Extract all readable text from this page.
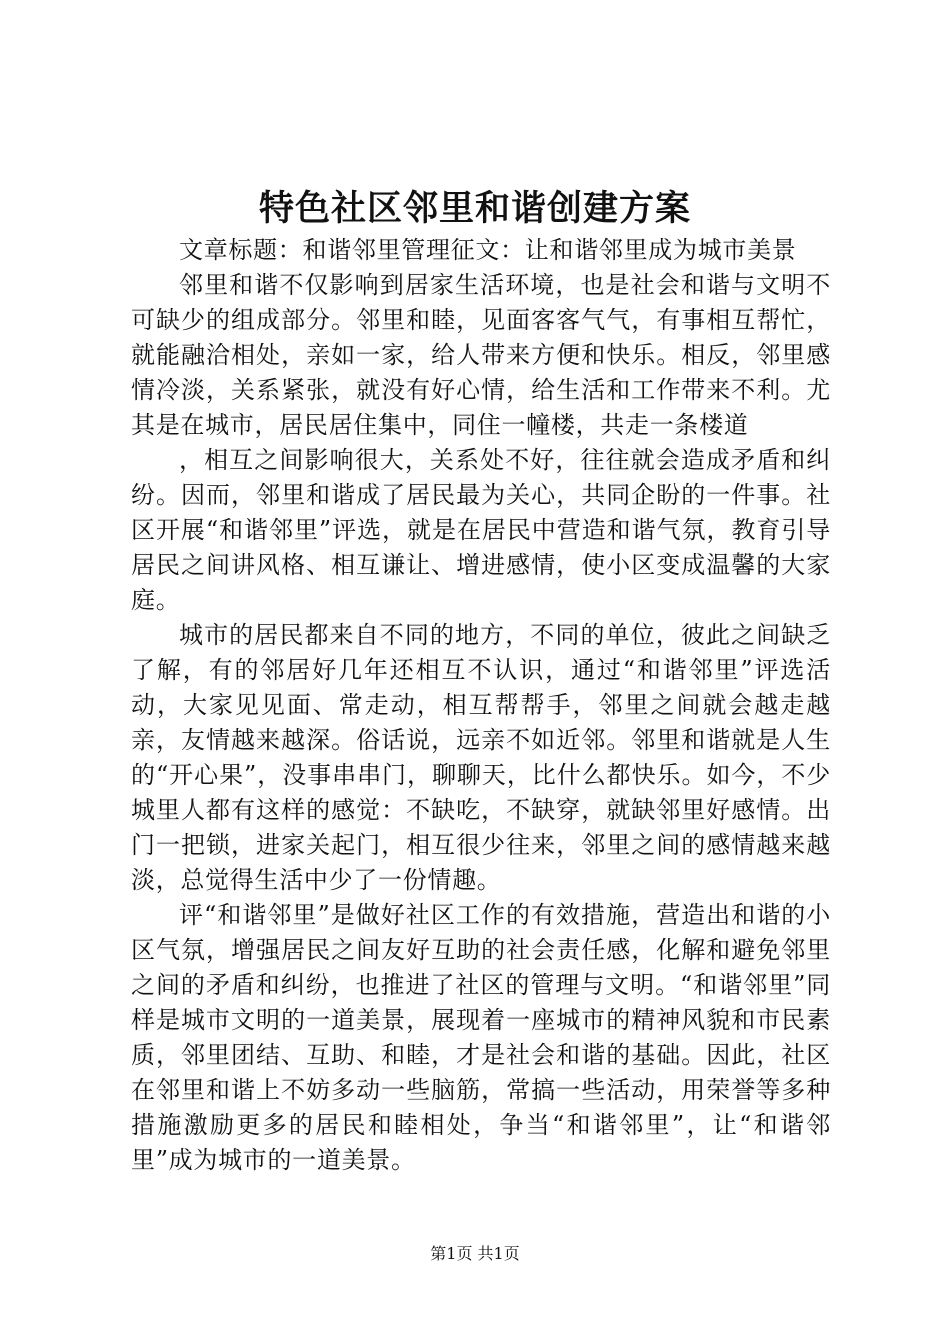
特色社区邻里和谐创建方案

文章标题：和谐邻里管理征文：让和谐邻里成为城市美景

邻里和谐不仅影响到居家生活环境，也是社会和谐与文明不可缺少的组成部分。邻里和睦，见面客客气气，有事相互帮忙，就能融洽相处，亲如一家，给人带来方便和快乐。相反，邻里感情冷淡，关系紧张，就没有好心情，给生活和工作带来不利。尤其是在城市，居民居住集中，同住一幢楼，共走一条楼道

，相互之间影响很大，关系处不好，往往就会造成矛盾和纠纷。因而，邻里和谐成了居民最为关心，共同企盼的一件事。社区开展“和谐邻里”评选，就是在居民中营造和谐气氛，教育引导居民之间讲风格、相互谦让、增进感情，使小区变成温馨的大家庭。

城市的居民都来自不同的地方，不同的单位，彼此之间缺乏了解，有的邻居好几年还相互不认识，通过“和谐邻里”评选活动，大家见见面、常走动，相互帮帮手，邻里之间就会越走越亲，友情越来越深。俗话说，远亲不如近邻。邻里和谐就是人生的“开心果”，没事串串门，聊聊天，比什么都快乐。如今，不少城里人都有这样的感觉：不缺吃，不缺穿，就缺邻里好感情。出门一把锁，进家关起门，相互很少往来，邻里之间的感情越来越淡，总觉得生活中少了一份情趣。

评“和谐邻里”是做好社区工作的有效措施，营造出和谐的小区气氛，增强居民之间友好互助的社会责任感，化解和避免邻里之间的矛盾和纠纷，也推进了社区的管理与文明。“和谐邻里”同样是城市文明的一道美景，展现着一座城市的精神风貌和市民素质，邻里团结、互助、和睦，才是社会和谐的基础。因此，社区在邻里和谐上不妨多动一些脑筋，常搞一些活动，用荣誉等多种措施激励更多的居民和睦相处，争当“和谐邻里”，让“和谐邻里”成为城市的一道美景。

第1页 共1页
